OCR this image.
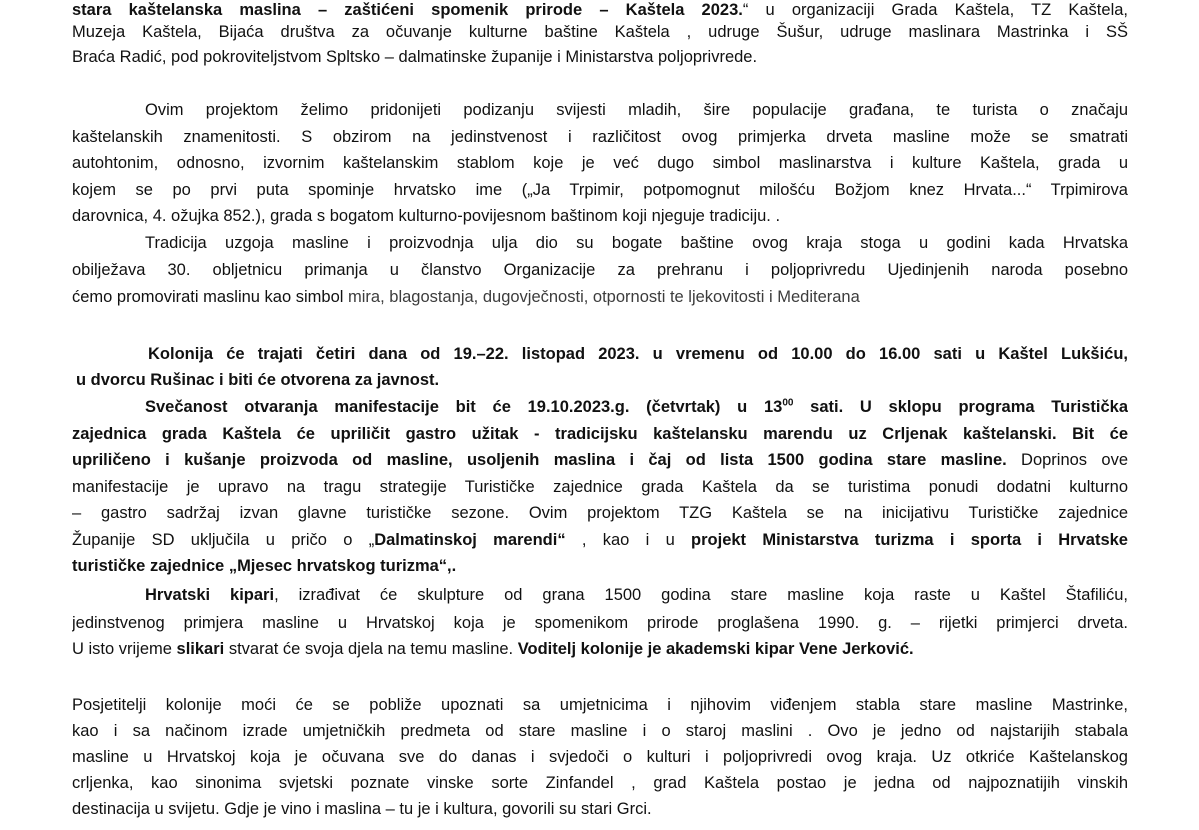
stara kaštelanska maslina – zaštićeni spomenik prirode – Kaštela 2023.“ u organizaciji Grada Kaštela, TZ Kaštela,
Muzeja Kaštela, Bijaća društva za očuvanje kulturne baštine Kaštela , udruge Šušur, udruge maslinara Mastrinka i SŠ
Braća Radić, pod pokroviteljstvom Spltsko – dalmatinske županije i Ministarstva poljoprivrede.
Ovim projektom želimo pridonijeti podizanju svijesti mladih, šire populacije građana, te turista o značaju
kaštelanskih znamenitosti. S obzirom na jedinstvenost i različitost ovog primjerka drveta masline može se smatrati
autohtonim, odnosno, izvornim kaštelanskim stablom koje je već dugo simbol maslinarstva i kulture Kaštela, grada u
kojem se po prvi puta spominje hrvatsko ime („Ja Trpimir, potpomognut milošću Božjom knez Hrvata...“ Trpimirova
darovnica, 4. ožujka 852.), grada s bogatom kulturno-povijesnom baštinom koji njeguje tradiciju. .
Tradicija uzgoja masline i proizvodnja ulja dio su bogate baštine ovog kraja stoga u godini kada Hrvatska
obilježava 30. obljetnicu primanja u članstvo Organizacije za prehranu i poljoprivredu Ujedinjenih naroda posebno
ćemo promovirati maslinu kao simbol mira, blagostanja, dugovječnosti, otpornosti te ljekovitosti i Mediterana
Kolonija će trajati četiri dana od 19.–22. listopad 2023. u vremenu od 10.00 do 16.00 sati u Kaštel Lukšiću,
u dvorcu Rušinac i biti će otvorena za javnost.
Svečanost otvaranja manifestacije bit će 19.10.2023.g. (četvrtak) u $13^{00}$ sati. U sklopu programa Turistička
zajednica grada Kaštela će upriličit gastro užitak - tradicijsku kaštelansku marendu uz Crljenak kaštelanski. Bit će
upriličeno i kušanje proizvoda od masline, usoljenih maslina i čaj od lista 1500 godina stare masline. Doprinos ove
manifestacije je upravo na tragu strategije Turističke zajednice grada Kaštela da se turistima ponudi dodatni kulturno
– gastro sadržaj izvan glavne turističke sezone. Ovim projektom TZG Kaštela se na inicijativu Turističke zajednice
Županije SD uključila u pričo o „Dalmatinskoj marendi“ , kao i u projekt Ministarstva turizma i sporta i Hrvatske
turističke zajednice „Mjesec hrvatskog turizma“,.
Hrvatski kipari, izrađivat će skulpture od grana 1500 godina stare masline koja raste u Kaštel Štafiliću,
jedinstvenog primjera masline u Hrvatskoj koja je spomenikom prirode proglašena 1990. g. – rijetki primjerci drveta.
U isto vrijeme slikari stvarat će svoja djela na temu masline. Voditelj kolonije je akademski kipar Vene Jerković.
Posjetitelji kolonije moći će se pobliže upoznati sa umjetnicima i njihovim viđenjem stabla stare masline Mastrinke,
kao i sa načinom izrade umjetničkih predmeta od stare masline i o staroj maslini . Ovo je jedno od najstarijih stabala
masline u Hrvatskoj koja je očuvana sve do danas i svjedoči o kulturi i poljoprivredi ovog kraja. Uz otkriće Kaštelanskog
crljenka, kao sinonima svjetski poznate vinske sorte Zinfandel , grad Kaštela postao je jedna od najpoznatijih vinskih
destinacija u svijetu. Gdje je vino i maslina – tu je i kultura, govorili su stari Grci.
